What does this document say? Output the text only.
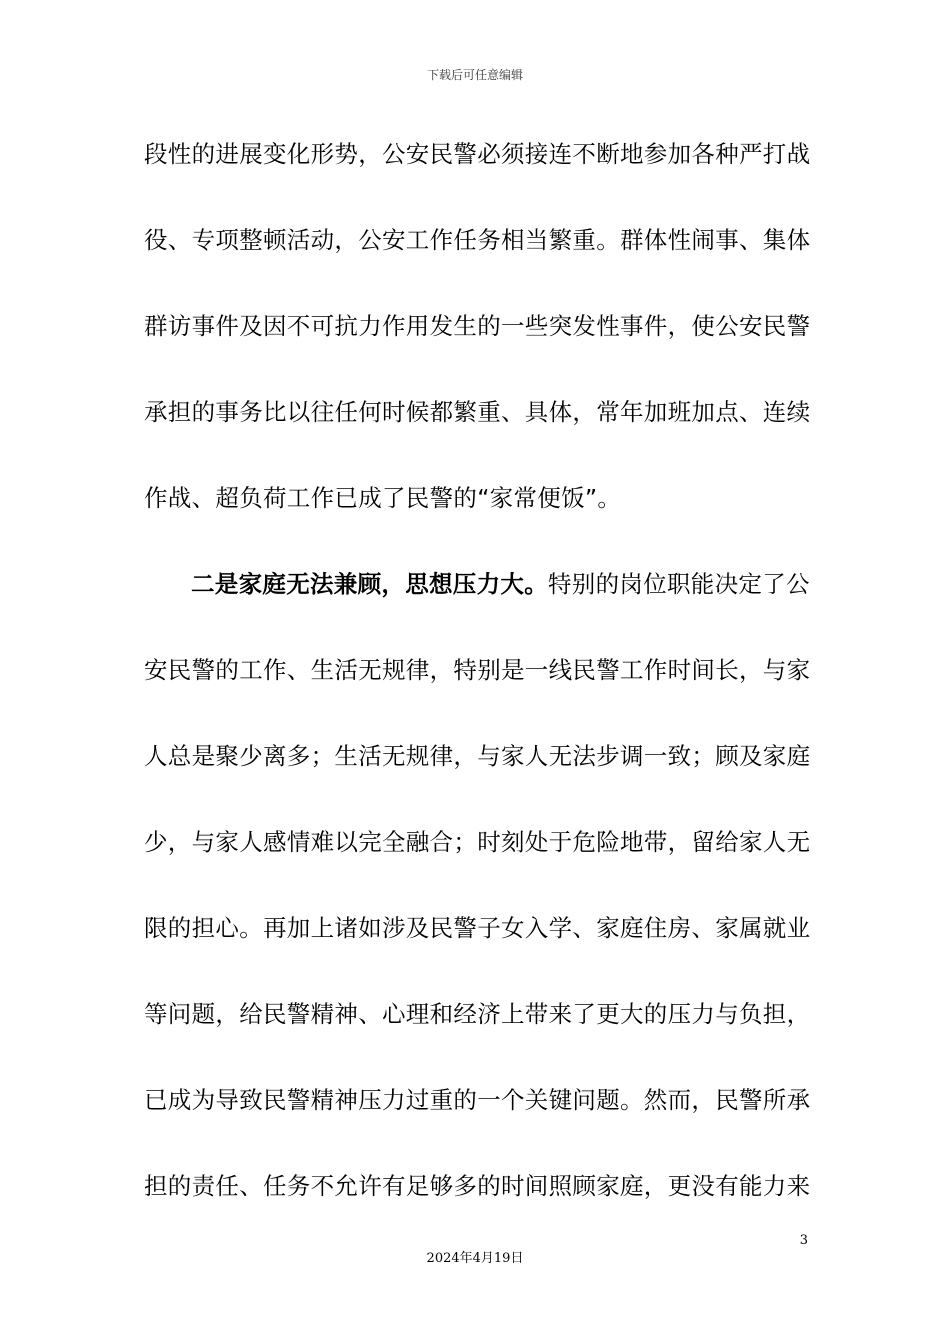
下载后可任意编辑
段性的进展变化形势，公安民警必须接连不断地参加各种严打战
役、专项整顿活动，公安工作任务相当繁重。群体性闹事、集体
群访事件及因不可抗力作用发生的一些突发性事件，使公安民警
承担的事务比以往任何时候都繁重、具体，常年加班加点、连续
作战、超负荷工作已成了民警的“家常便饭”。
二是家庭无法兼顾，思想压力大。特别的岗位职能决定了公
安民警的工作、生活无规律，特别是一线民警工作时间长，与家
人总是聚少离多；生活无规律，与家人无法步调一致；顾及家庭
少，与家人感情难以完全融合；时刻处于危险地带，留给家人无
限的担心。再加上诸如涉及民警子女入学、家庭住房、家属就业
等问题，给民警精神、心理和经济上带来了更大的压力与负担，
已成为导致民警精神压力过重的一个关键问题。然而，民警所承
担的责任、任务不允许有足够多的时间照顾家庭，更没有能力来
3
2024年4月19日
